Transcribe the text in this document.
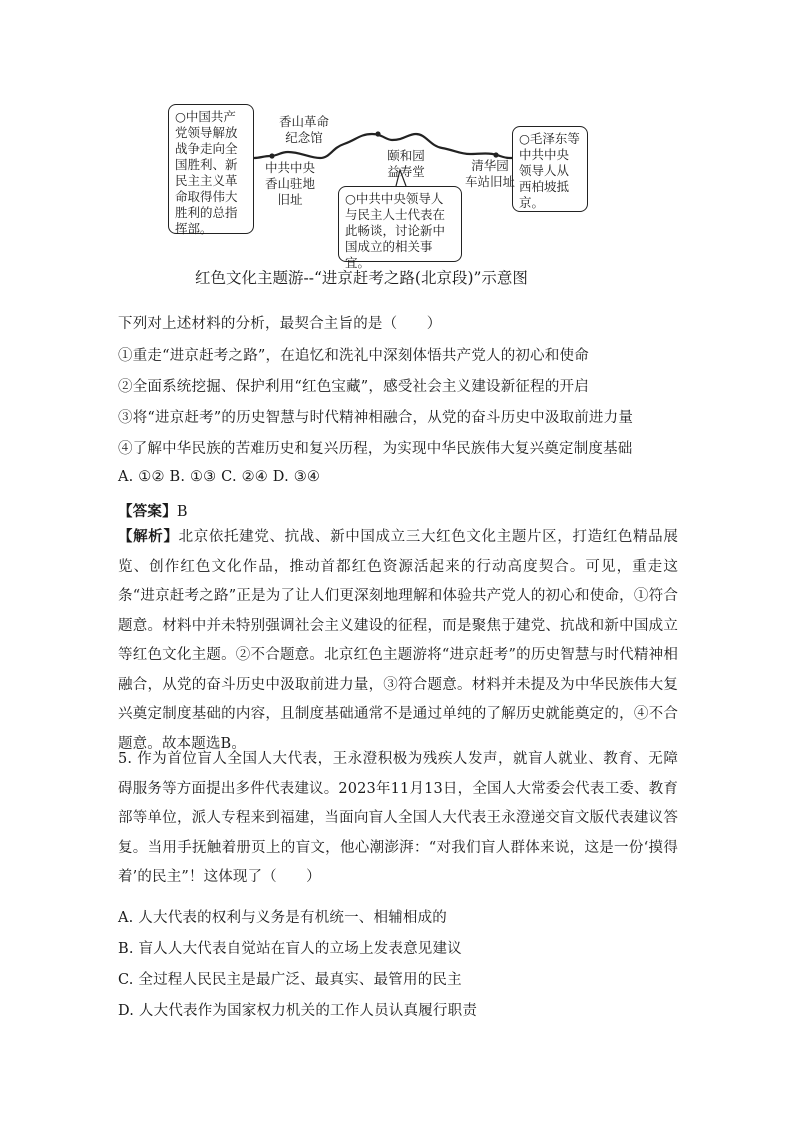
○中国共产党领导解放战争走向全国胜利、新民主主义革命取得伟大胜利的总指挥部。
○毛泽东等中共中央领导人从西柏坡抵京。
○中共中央领导人与民主人士代表在此畅谈，讨论新中国成立的相关事宜。
香山革命
纪念馆
中共中央
香山驻地
旧址
颐和园
益寿堂	清华园
车站旧址
红色文化主题游--“进京赶考之路(北京段)”示意图
下列对上述材料的分析，最契合主旨的是（　　）
①重走“进京赶考之路”，在追忆和洗礼中深刻体悟共产党人的初心和使命
②全面系统挖掘、保护利用“红色宝藏”，感受社会主义建设新征程的开启
③将“进京赶考”的历史智慧与时代精神相融合，从党的奋斗历史中汲取前进力量
④了解中华民族的苦难历史和复兴历程，为实现中华民族伟大复兴奠定制度基础
A. ①② B. ①③ C. ②④ D. ③④
【答案】B
【解析】北京依托建党、抗战、新中国成立三大红色文化主题片区，打造红色精品展览、创作红色文化作品，推动首都红色资源活起来的行动高度契合。可见，重走这条“进京赶考之路”正是为了让人们更深刻地理解和体验共产党人的初心和使命，①符合题意。材料中并未特别强调社会主义建设的征程，而是聚焦于建党、抗战和新中国成立等红色文化主题。②不合题意。北京红色主题游将“进京赶考”的历史智慧与时代精神相融合，从党的奋斗历史中汲取前进力量，③符合题意。材料并未提及为中华民族伟大复兴奠定制度基础的内容，且制度基础通常不是通过单纯的了解历史就能奠定的，④不合题意。故本题选B。
5. 作为首位盲人全国人大代表，王永澄积极为残疾人发声，就盲人就业、教育、无障碍服务等方面提出多件代表建议。2023年11月13日，全国人大常委会代表工委、教育部等单位，派人专程来到福建，当面向盲人全国人大代表王永澄递交盲文版代表建议答复。当用手抚触着册页上的盲文，他心潮澎湃：“对我们盲人群体来说，这是一份‘摸得着’的民主”！这体现了（　　）
A. 人大代表的权利与义务是有机统一、相辅相成的
B. 盲人人大代表自觉站在盲人的立场上发表意见建议
C. 全过程人民民主是最广泛、最真实、最管用的民主
D. 人大代表作为国家权力机关的工作人员认真履行职责
